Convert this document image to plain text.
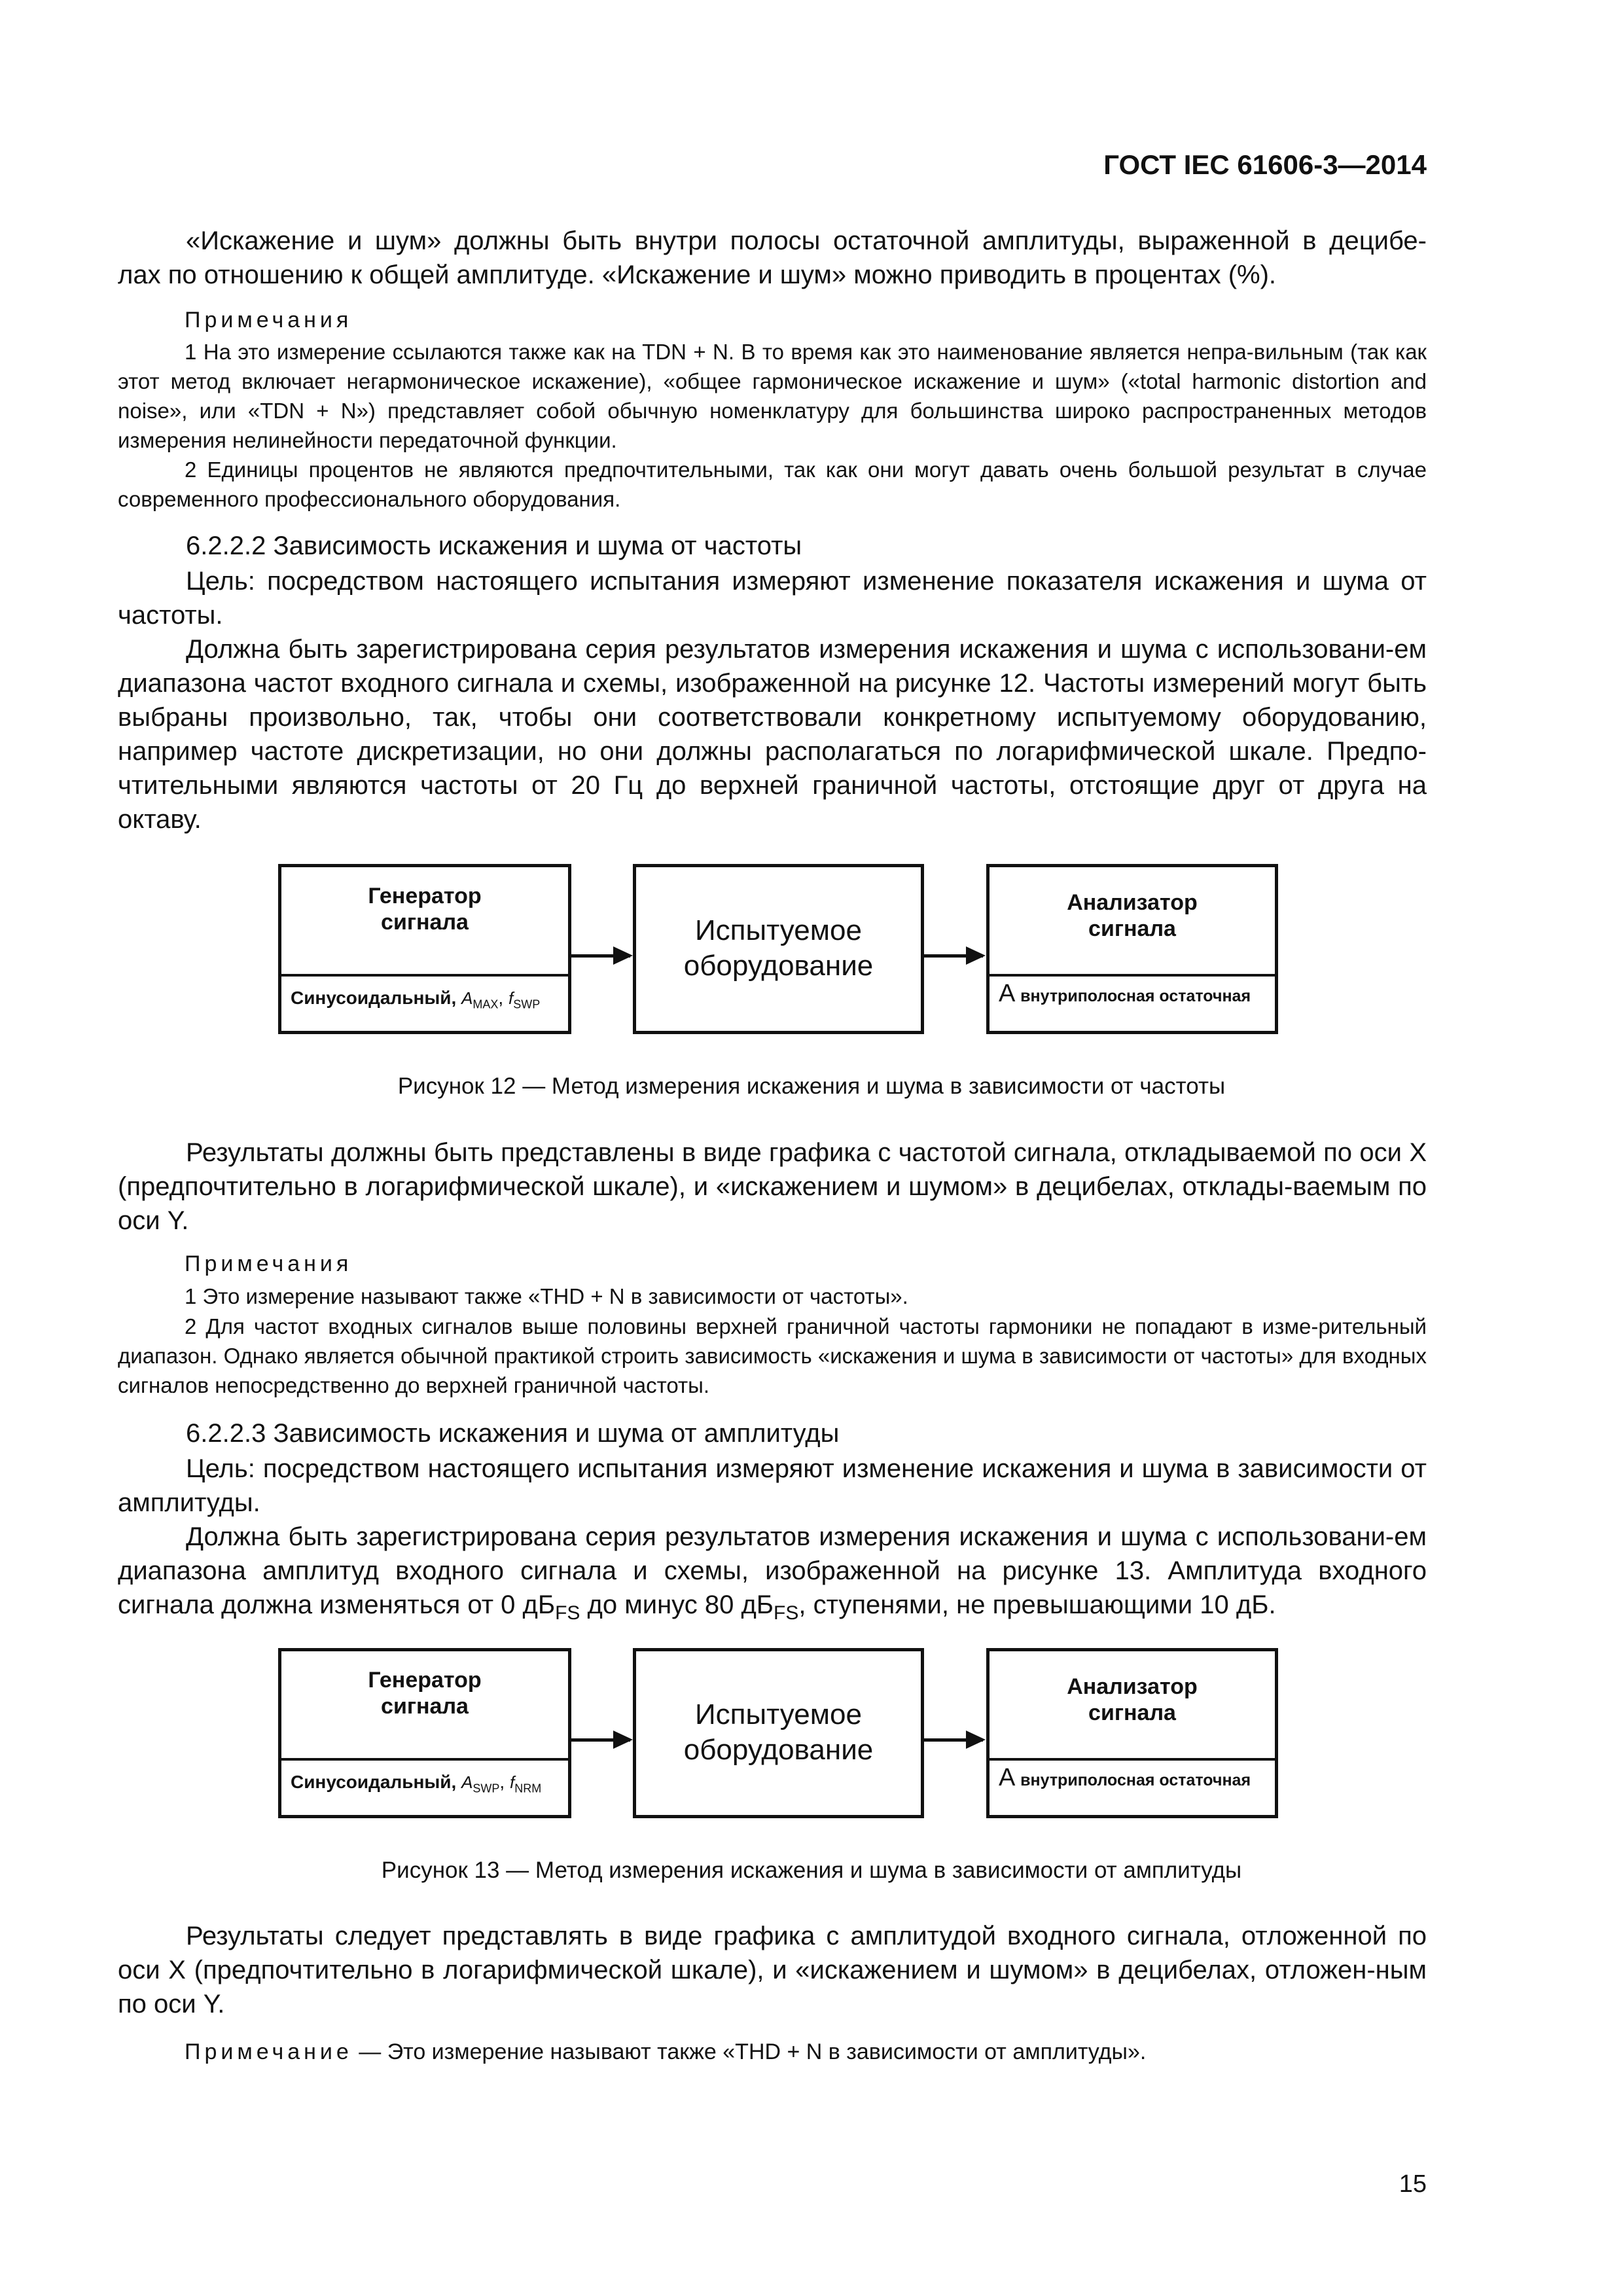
ГОСТ IEC 61606-3—2014
«Искажение и шум» должны быть внутри полосы остаточной амплитуды, выраженной в децибе-
лах по отношению к общей амплитуде. «Искажение и шум» можно приводить в процентах (%).
Примечания
1 На это измерение ссылаются также как на TDN + N. В то время как это наименование является непра-вильным (так как этот метод включает негармоническое искажение), «общее гармоническое искажение и шум» («total harmonic distortion and noise», или «TDN + N») представляет собой обычную номенклатуру для большинства широко распространенных методов измерения нелинейности передаточной функции.
2 Единицы процентов не являются предпочтительными, так как они могут давать очень большой результат в случае современного профессионального оборудования.
6.2.2.2 Зависимость искажения и шума от частоты
Цель: посредством настоящего испытания измеряют изменение показателя искажения и шума от частоты.
Должна быть зарегистрирована серия результатов измерения искажения и шума с использовани-ем диапазона частот входного сигнала и схемы, изображенной на рисунке 12. Частоты измерений могут быть выбраны произвольно, так, чтобы они соответствовали конкретному испытуемому оборудованию, например частоте дискретизации, но они должны располагаться по логарифмической шкале. Предпо-чтительными являются частоты от 20 Гц до верхней граничной частоты, отстоящие друг от друга на октаву.
Генератор
сигнала
Синусоидальный, $A_{MAX}$, $f_{SWP}$
Испытуемое
оборудование
Анализатор
сигнала
A внутриполосная остаточная
Рисунок 12 — Метод измерения искажения и шума в зависимости от частоты
Результаты должны быть представлены в виде графика с частотой сигнала, откладываемой по оси X (предпочтительно в логарифмической шкале), и «искажением и шумом» в децибелах, отклады-ваемым по оси Y.
Примечания
1 Это измерение называют также «THD + N в зависимости от частоты».
2 Для частот входных сигналов выше половины верхней граничной частоты гармоники не попадают в изме-рительный диапазон. Однако является обычной практикой строить зависимость «искажения и шума в зависимости от частоты» для входных сигналов непосредственно до верхней граничной частоты.
6.2.2.3 Зависимость искажения и шума от амплитуды
Цель: посредством настоящего испытания измеряют изменение искажения и шума в зависимости от амплитуды.
Должна быть зарегистрирована серия результатов измерения искажения и шума с использовани-ем диапазона амплитуд входного сигнала и схемы, изображенной на рисунке 13. Амплитуда входного сигнала должна изменяться от 0 $дБ_{FS}$ до минус 80 $дБ_{FS}$, ступенями, не превышающими 10 дБ.
Генератор
сигнала
Синусоидальный, $A_{SWP}$, $f_{NRM}$
Испытуемое
оборудование
Анализатор
сигнала
A внутриполосная остаточная
Рисунок 13 — Метод измерения искажения и шума в зависимости от амплитуды
Результаты следует представлять в виде графика с амплитудой входного сигнала, отложенной по оси X (предпочтительно в логарифмической шкале), и «искажением и шумом» в децибелах, отложен-ным по оси Y.
Примечание — Это измерение называют также «THD + N в зависимости от амплитуды».
15
